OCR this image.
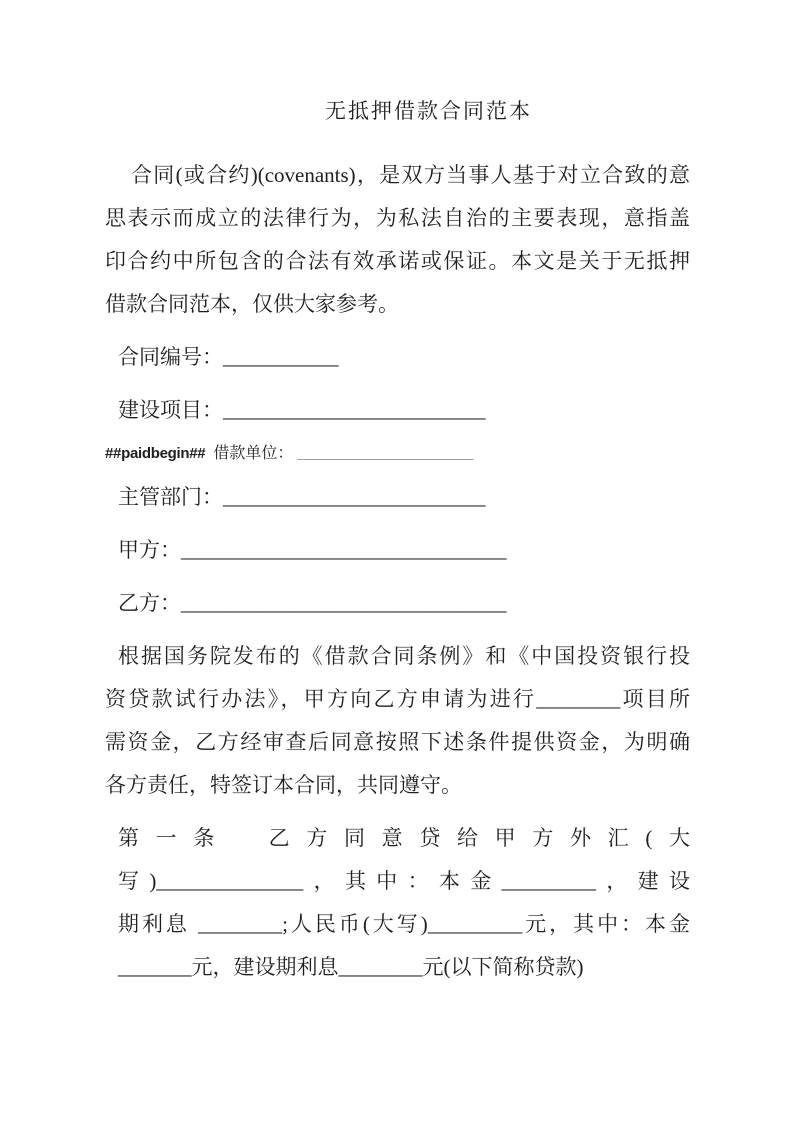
无抵押借款合同范本
合同(或合约)(covenants)，是双方当事人基于对立合致的意
思表示而成立的法律行为，为私法自治的主要表现，意指盖
印合约中所包含的合法有效承诺或保证。本文是关于无抵押
借款合同范本，仅供大家参考。
合同编号：___________
建设项目：_________________________
##paidbegin## 借款单位： ______________________
主管部门：_________________________
甲方：_______________________________
乙方：_______________________________
根据国务院发布的《借款合同条例》和《中国投资银行投
资贷款试行办法》，甲方向乙方申请为进行________项目所
需资金，乙方经审查后同意按照下述条件提供资金，为明确
各方责任，特签订本合同，共同遵守。
第一条　乙方同意贷给甲方外汇(大
写)______________，其中：本金_________，建设
期利息 ________;人民币(大写)_________元，其中：本金
_______元，建设期利息________元(以下简称贷款)
